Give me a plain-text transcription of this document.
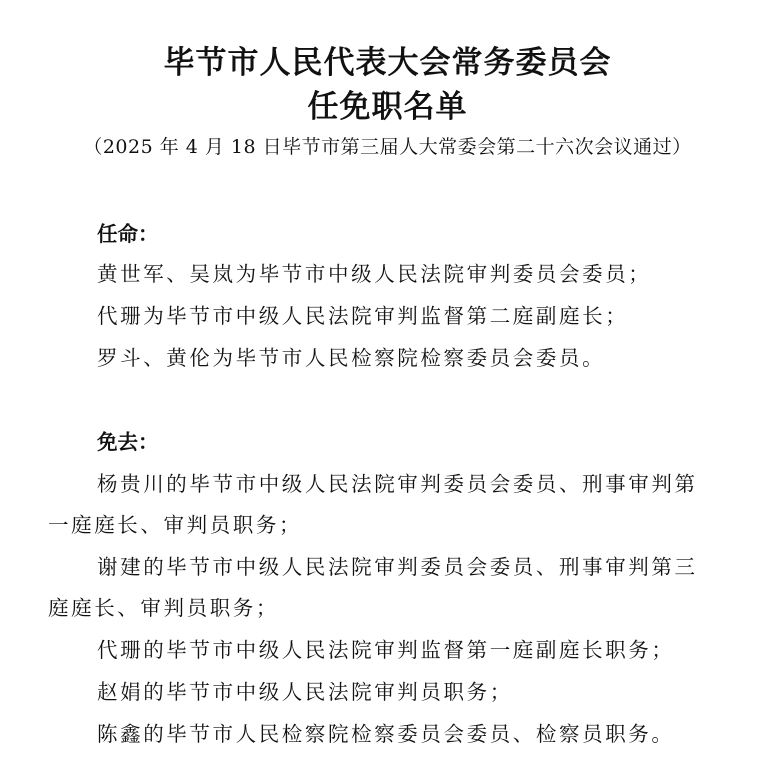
毕节市人民代表大会常务委员会
任免职名单
（2025 年 4 月 18 日毕节市第三届人大常委会第二十六次会议通过）
任命：
黄世军、吴岚为毕节市中级人民法院审判委员会委员；
代珊为毕节市中级人民法院审判监督第二庭副庭长；
罗斗、黄伦为毕节市人民检察院检察委员会委员。
免去：
杨贵川的毕节市中级人民法院审判委员会委员、刑事审判第
一庭庭长、审判员职务；
谢建的毕节市中级人民法院审判委员会委员、刑事审判第三
庭庭长、审判员职务；
代珊的毕节市中级人民法院审判监督第一庭副庭长职务；
赵娟的毕节市中级人民法院审判员职务；
陈鑫的毕节市人民检察院检察委员会委员、检察员职务。
